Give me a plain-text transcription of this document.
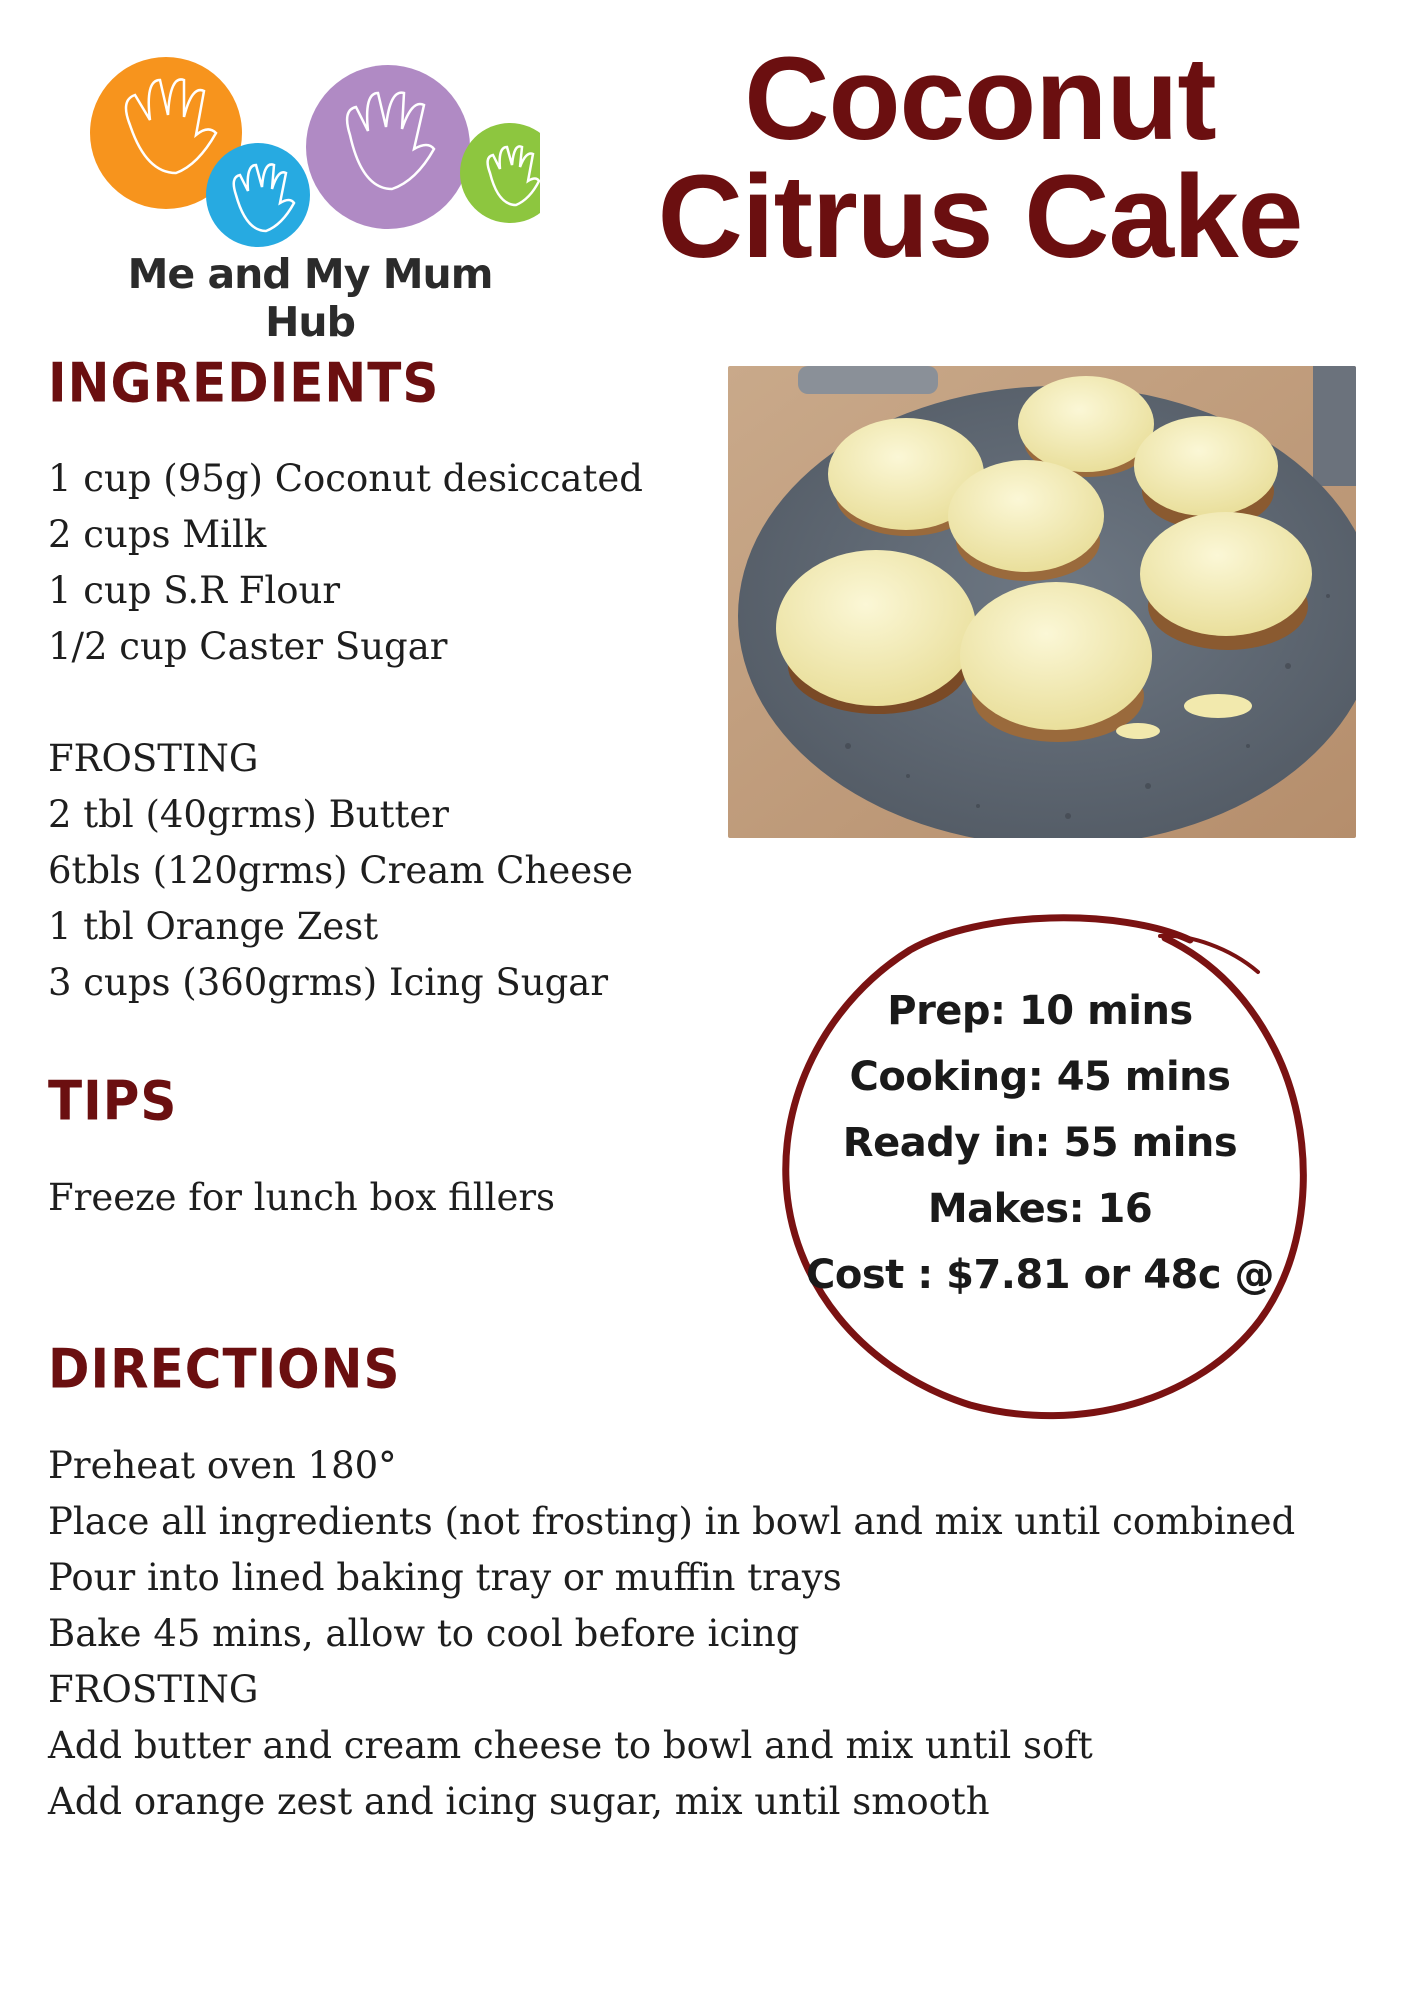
Me and My Mum Hub
Coconut
Citrus Cake
INGREDIENTS
1 cup (95g) Coconut desiccated
2 cups Milk
1 cup S.R Flour
1/2 cup Caster Sugar
FROSTING
2 tbl (40grms) Butter
6tbls (120grms) Cream Cheese
1 tbl Orange Zest
3 cups (360grms) Icing Sugar
TIPS
Freeze for lunch box fillers
Prep: 10 mins
Cooking: 45 mins
Ready in: 55 mins
Makes: 16
Cost : $7.81 or 48c @
DIRECTIONS
Preheat oven 180°
Place all ingredients (not frosting) in bowl and mix until combined
Pour into lined baking tray or muffin trays
Bake 45 mins, allow to cool before icing
FROSTING
Add butter and cream cheese to bowl and mix until soft
Add orange zest and icing sugar, mix until smooth
